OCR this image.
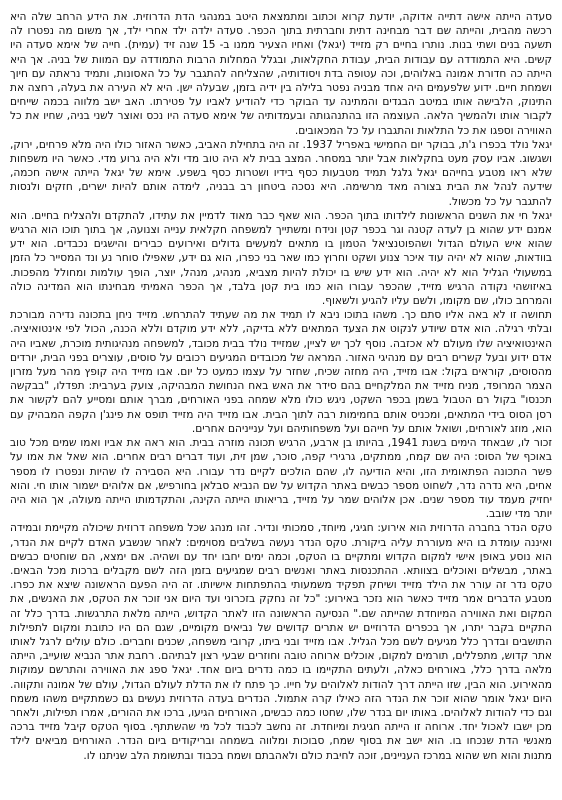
סעדה הייתה אישה דתייה אדוקה, יודעת קרוא וכתוב ומתמצאת היטב במנהגי הדת הדרוזית. את הידע הרחב שלה היא רכשה מהבית, והייתה שם דבר מבחינה דתית וחברתית בתוך הכפר. סעדה ילדה ילד אחרי ילד, אך משום מה נפטרו לה תשעה בנים ושתי בנות. נותרו בחיים רק מזייד (יגאל) ואחיו הצעיר ממנו ב- 15 שנה זיד (עמית). חייה של אימא סעדה היו קשים. היא התמודדה עם עבודות הבית, עבודת החקלאות, ובגלל המחלות הרבות התמודדה עם המוות של בניה. אך היא הייתה כה חדורת אמונה באלוהים, וכה עטופה בדת ויסודותיה, שהצליחה להתגבר על כל האסונות, ותמיד נראתה עם חיוך ושמחת חיים. ידוע שלפעמים היה אחד מבניה נפטר בלילה בין ידיה בזמן, שבעלה ישן. היא לא העירה את בעלה, רחצה את התינוק, הלבישה אותו במיטב הבגדים והמתינה עד הבוקר כדי להודיע לאביו על פטירתו. האב ישב מלווה בכמה שייחים לקבור אותו ולהמשיך הלאה. העוצמה הזו בהתנהגותה ובעמדותיה של אימא סעדה היו נכס ואוצר לשני בניה, שחיו את כל האווירה וספגו את כל התלאות והתגברו על כל המכאובים.

יגאל נולד בכפרו ג'ת, בבוקר יום החמישי באפריל 1937. זה היה בתחילת האביב, כאשר האזור כולו היה מלא פרחים, ירוק, ושגשוג. אביו עסק מעט בחקלאות אבל יותר במסחר. המצב בבית לא היה טוב מדי ולא היה גרוע מדי. כאשר היו משפחות שלא ראו מטבע בחייהם יגאל גלגל תמיד מטבעות כסף בידיו ושטרות כסף בשפע. אימא של יגאל הייתה אישה חכמה, שידעה לנהל את הבית בצורה מאד מרשימה. היא נסכה ביטחון רב בבניה, לימדה אותם להיות ישרים, חזקים ולנסות להתגבר על כל מכשול.

יגאל חי את השנים הראשונות לילדותו בתוך הכפר. הוא שאף כבר מאוד לדמיין את עתידו, להתקדם ולהצליח בחיים. הוא אמנם ידע שהוא בן לעדה קטנה וגר בכפר קטן ונידח ומשתייך למשפחה חקלאית ענייה וצנועה, אך בתוך תוכו הוא הרגיש שהוא איש העולם הגדול ושהפוטנציאל הטמון בו מתאים למעשים גדולים ואירועים כבירים והישגים נכבדים. הוא ידע בוודאות, שהוא לא יהיה עוד איכר צנוע ושקט וחרוץ כמו שאר בני כפרו, הוא גם ידע, שאפילו סוחר נע ונד המסייר כל הזמן במשעולי הגליל הוא לא יהיה. הוא ידע שיש בו יכולת להיות מצביא, מנהיג, מנהל, יוצר, הופך עולמות ומחולל מהפכות. באיזושהי נקודה הרגיש מזייד, שהכפר עבורו הוא כמו בית קטן בלבד, אך הכפר האמיתי מבחינתו הוא המדינה כולה והמרחב כולו, שם מקומו, ולשם עליו להגיע ולשאוף.

תחושה זו לא באה אליו סתם כך. משהו בתוכו ניבא לו תמיד את מה שעתיד להתרחש. מזייד ניחן בתכונה נדירה מבורכת ובלתי רגילה. הוא אדם שיודע לנקוט את הצעד המתאים ללא בדיקה, ללא ידע מוקדם וללא הכנה, הכול לפי אינטואיציה. האינטואיציה שלו מעולם לא אכזבה. נוסף לכך יש לציין, שמזייד נולד בבית מכובד, למשפחה מנהיגותית מוכרת, שאביו היה אדם ידוע ובעל קשרים רבים עם מנהיגי האזור. המראה של מכובדים המגיעים רכובים על סוסים, עוצרים בפני הבית, יורדים מהסוסים, קוראים בקול: אבו מזייד, היה מחזה שכיח, שחזר על עצמו כמעט כל יום. אבו מזייד היה קופץ מהר מעל מזרון הצמר המרופד, מניח מזייד את המלקחיים בהם סידר את האש באח הנחושת המבהיקה, צועק בערבית: תפדלו, "בבקשה תכנסו" בקול רם הטבול בשמן בכפר השקט, ניגש כולו מלא שמחה בפני האורחים, מברך אותם ומסייע להם לקשור את רסן הסוס בידי המתאים, ומכניס אותם בחמימות רבה לתוך הבית. אבו מזייד היה מזייד תופס את פינג'ן הקפה המבהיק עם הוא, מוזג לאורחים, ושואל אותם על חייהם ועל משפחותיהם ועל ענייניהם אחרים.

זכור לו, שבאחד הימים בשנת 1941, בהיותו בן ארבע, הרגיש תכונה מוזרה בבית. הוא ראה את אביו ואמו שמים מכל טוב באוכף של הסוס: היה שם קמח, ממתקים, גרגירי קפה, סוכר, שמן זית, ועוד דברים רבים אחרים. הוא שאל את אמו על פשר התכונה הפתאומית הזו, והיא הודיעה לו, שהם הולכים לקיים נדר עבורו. היא הסבירה לו שהיות ונפטרו לו מספר אחים, היא נדרה נדר, לשחוט מספר כבשים באתר הקדוש על שם הנביא סבלאן בחורפיש, אם אלוהים ישמור אותו חי. והוא יחזיק מעמד עוד מספר שנים. אכן אלוהים שמר על מזייד, בריאותו הייתה הקינה, והתקדמותו הייתה מעולה, אך הוא היה יותר מדי שובב.

טקס הנדר בחברה הדרוזית הוא אירוע: חגיגי, מיוחד, סמכותי ונדיר. זהו מנהג שכל משפחה דרוזית שיכולה מקיימת ובמידה ואיננה עומדת בו היא מעוררת עליה ביקורת. טקס הנדר נעשה בשלבים מסוימים: לאחר שנשבע האדם לקיים את הנדר, הוא נוסע באופן אישי למקום הקדוש ומתקיים בו הטקס, וכמה ימים יחבו יחד עם ושהיה. אם ימצא, הם שוחטים כבשים באתר, מבשלים ואוכלים בצוותא. ההתכנסות באתר ואנשים רבים שמגיעים בזמן הזה לשם מקבלים ברכות מכל הבאים. טקס נדר זה עורר את הילד מזייד ושיחק תפקיד משמעותי בהתפתחות אישיותו. זה היה הפעם הראשונה שיצא את כפרו. מטבע הדברים אמר מזייד כאשר הוא נזכר באירוע: "כל זה נחקק בזכרוני ועד היום אני זוכר את הטקס, את האנשים, את המקום ואת האווירה המיוחדת שהייתה שם." הנסיעה הראשונה הזו לאתר הקדוש, הייתה מלאת התרגשות. בדרך כלל זה התקיים בקבר יתרו, אך בכפרים הדרוזיים יש אתרים קדושים של נביאים מקומיים, שגם הם היו כתובת ומקום לתפילות התושבים ובדרך כלל מגיעים לשם מכל הגליל. אבו מזייד ובני ביתו, קרובי משפחה, שכנים וחברים. כולם עולים לרגל לאותו אתר קדוש, מתפללים, תורמים למקום, אוכלים ארוחה טובה וחוזרים שבעי רצון לבתיהם. רחבת אתר הנביא שועייב, הייתה מלאה בדרך כלל, באורחים כאלה, ולעתים התקיימו בו כמה נדרים ביום אחד. יגאל ספג את האווירה והתרשם עמוקות מהאירוע. הוא הבין, שזו הייתה דרך להודות לאלוהים על חייו. כך פתח לו את הדלת לעולם הגדול, עולם של אמונה ותקווה. היום יגאל אומר שהוא זוכר את הנדר הזה כאילו קרה אתמול. הנדרים בעדה הדרוזית נעשים גם כשמתקיים משהו משמח וגם כדי להודות לאלוהים. באותו יום בנדר שלו, שחטו כמה כבשים, האורחים הגיעו, ברכו את ההורים, אמרו תפילות, ולאחר מכן ישבו לאכול יחד. ארוחה זו הייתה חגיגית ומיוחדת. זה נחשב לכבוד לכל מי שהשתתף. בסוף הטקס קיבל מזייד ברכה מאנשי הדת שנכחו בו. הוא ישב את בסוף שמח, סבוכות ומלווה בשמחה ובריקודים ביום הנדר. האורחים מביאים לילד מתנות והוא חש שהוא במרכז העניינים, זוכה לחיבת כולם ולאהבתם ושמח בכבוד ובתשומת הלב שניתנו לו.
